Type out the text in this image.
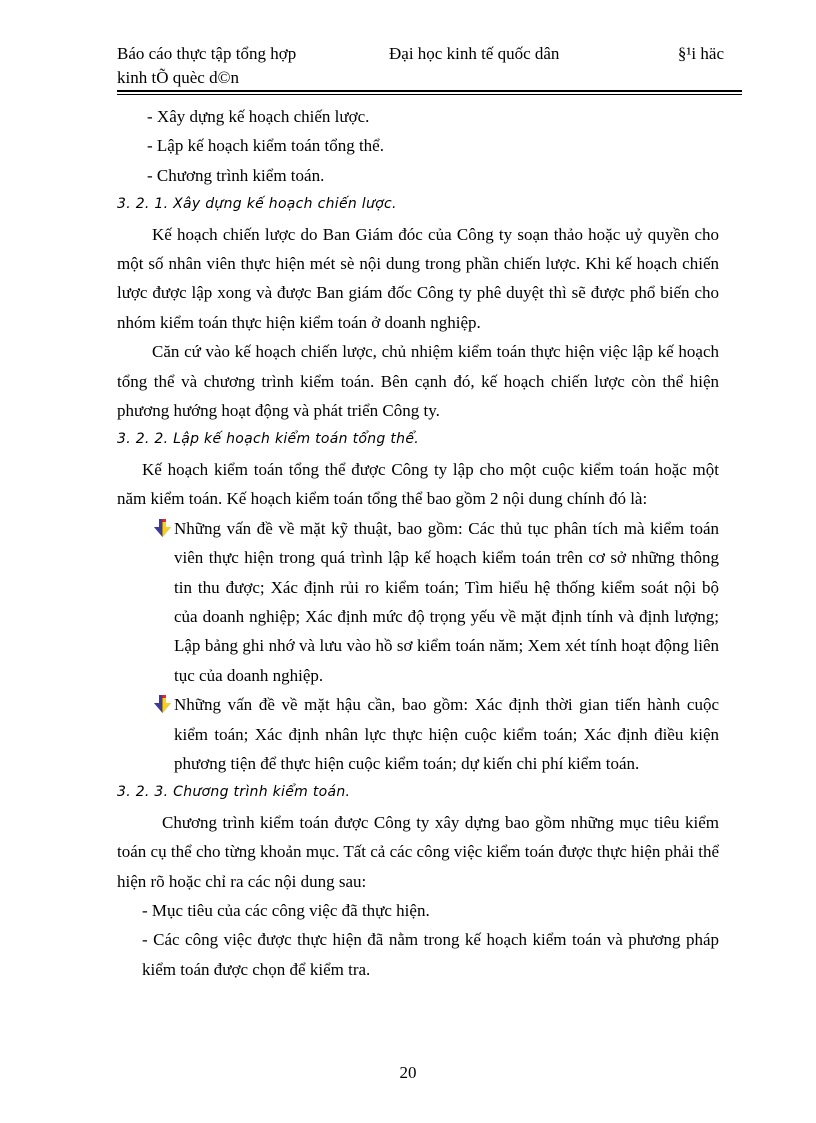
Báo cáo thực tập tổng hợp
kinh tÕ quèc d©n
Đại học kinh tế quốc dân	§¹i häc

- Xây dựng kế hoạch chiến lược.

- Lập kế hoạch kiểm toán tổng thể.

- Chương trình kiểm toán.

3. 2. 1. Xây dựng kế hoạch chiến lược.

Kế hoạch chiến lược do Ban Giám đóc của Công ty soạn thảo hoặc uỷ quyền cho một số nhân viên thực hiện mét sè nội dung trong phần chiến lược. Khi kế hoạch chiến lược được lập xong và được Ban giám đốc Công ty phê duyệt thì sẽ được phổ biến cho nhóm kiểm toán thực hiện kiểm toán ở doanh nghiệp.

Căn cứ vào kế hoạch chiến lược, chủ nhiệm kiểm toán thực hiện việc lập kế hoạch tổng thể và chương trình kiểm toán. Bên cạnh đó, kế hoạch chiến lược còn thể hiện phương hướng hoạt động và phát triển Công ty.

3. 2. 2. Lập kế hoạch kiểm toán tổng thể.

Kế hoạch kiểm toán tổng thể được Công ty lập cho một cuộc kiểm toán hoặc một năm kiểm toán. Kế hoạch kiểm toán tổng thể bao gồm 2 nội dung chính đó là:

Những vấn đề về mặt kỹ thuật, bao gồm: Các thủ tục phân tích mà kiểm toán viên thực hiện trong quá trình lập kế hoạch kiểm toán trên cơ sở những thông tin thu được; Xác định rủi ro kiểm toán; Tìm hiểu hệ thống kiểm soát nội bộ của doanh nghiệp; Xác định mức độ trọng yếu về mặt định tính và định lượng; Lập bảng ghi nhớ và lưu vào hồ sơ kiểm toán năm; Xem xét tính hoạt động liên tục của doanh nghiệp.
Những vấn đề về mặt hậu cần, bao gồm: Xác định thời gian tiến hành cuộc kiểm toán; Xác định nhân lực thực hiện cuộc kiểm toán; Xác định điều kiện phương tiện để thực hiện cuộc kiểm toán; dự kiến chi phí kiểm toán.

3. 2. 3. Chương trình kiểm toán.

Chương trình kiểm toán được Công ty xây dựng bao gồm những mục tiêu kiểm toán cụ thể cho từng khoản mục. Tất cả các công việc kiểm toán được thực hiện phải thể hiện rõ hoặc chỉ ra các nội dung sau:

- Mục tiêu của các công việc đã thực hiện.

- Các công việc được thực hiện đã nằm trong kế hoạch kiểm toán và phương pháp kiểm toán được chọn để kiểm tra.

20
